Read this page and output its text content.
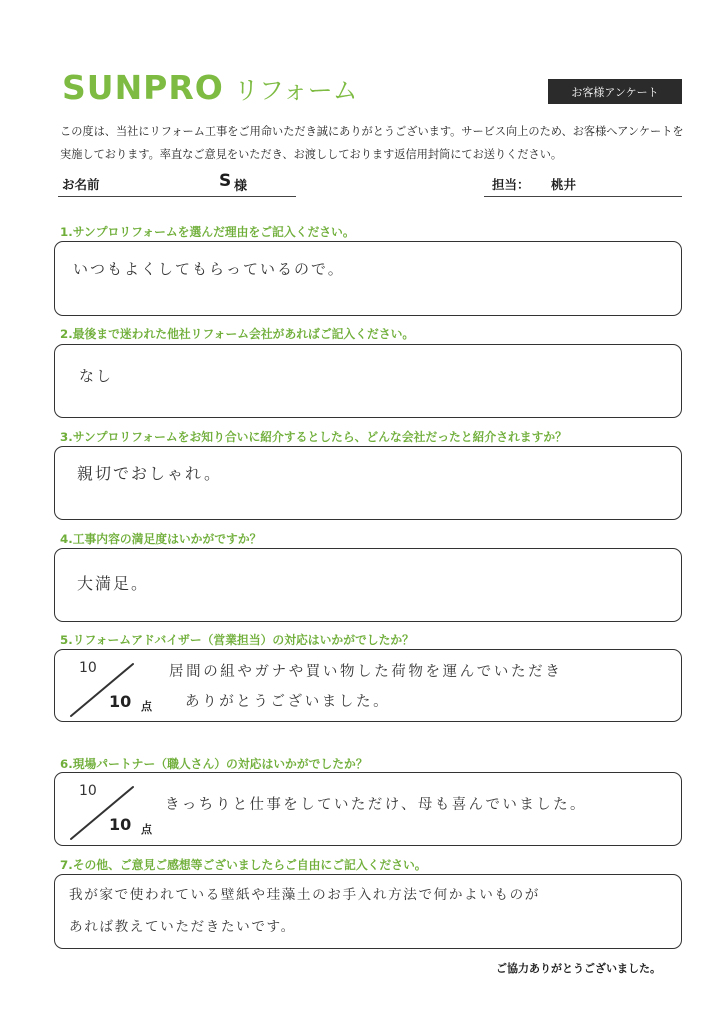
SUNPRO リフォーム	お客様アンケート
この度は、当社にリフォーム工事をご用命いただき誠にありがとうございます。サービス向上のため、お客様へアンケートを実施しております。率直なご意見をいただき、お渡ししております返信用封筒にてお送りください。
お名前	S 様	担当： 桃井
1.サンプロリフォームを選んだ理由をご記入ください。
いつもよくしてもらっているので。
2.最後まで迷われた他社リフォーム会社があればご記入ください。
なし
3.サンプロリフォームをお知り合いに紹介するとしたら、どんな会社だったと紹介されますか？
親切でおしゃれ。
4.工事内容の満足度はいかがですか？
大満足。
5.リフォームアドバイザー（営業担当）の対応はいかがでしたか？
10
10 点
居間の組やガナや買い物した荷物を運んでいただき
ありがとうございました。
6.現場パートナー（職人さん）の対応はいかがでしたか？
10
10 点
きっちりと仕事をしていただけ、母も喜んでいました。
7.その他、ご意見ご感想等ございましたらご自由にご記入ください。
我が家で使われている壁紙や珪藻土のお手入れ方法で何かよいものが
あれば教えていただきたいです。
ご協力ありがとうございました。
